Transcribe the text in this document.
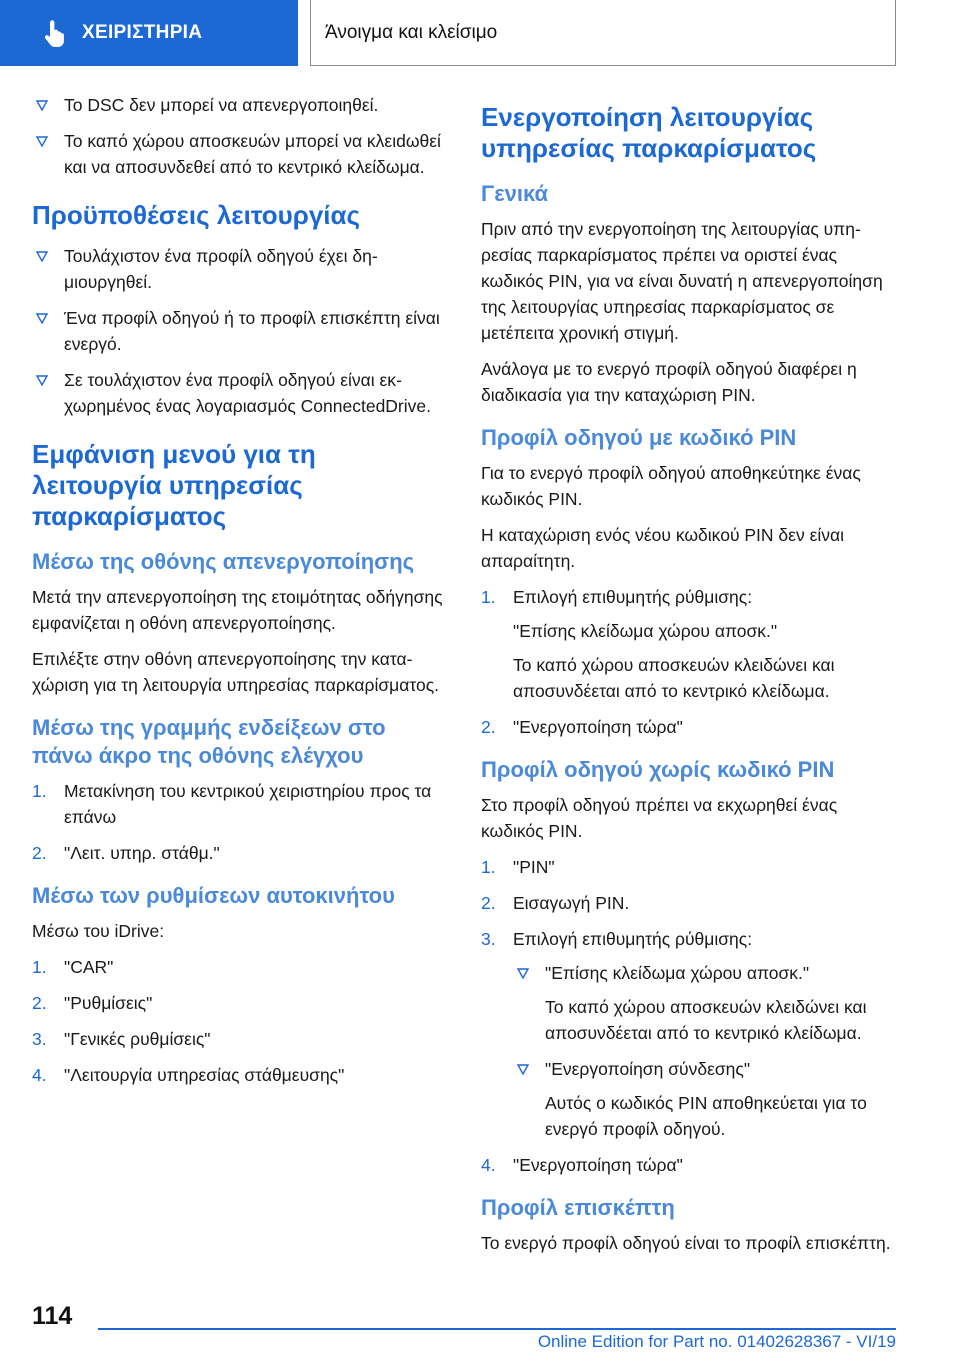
ΧΕΙΡΙΣΤΗΡΙΑ	Άνοιγμα και κλείσιμο
Το DSC δεν μπορεί να απενεργοποιηθεί.
Το καπό χώρου αποσκευών μπορεί να κλειdωθεί και να αποσυνδεθεί από το κεντρικό κλείδωμα.
Προϋποθέσεις λειτουργίας
Τουλάχιστον ένα προφίλ οδηγού έχει δημιουργηθεί.
Ένα προφίλ οδηγού ή το προφίλ επισκέπτη είναι ενεργό.
Σε τουλάχιστον ένα προφίλ οδηγού είναι εκχωρημένος ένας λογαριασμός ConnectedDrive.
Εμφάνιση μενού για τη λειτουργία υπηρεσίας παρκαρίσματος
Μέσω της οθόνης απενεργοποίησης

Μετά την απενεργοποίηση της ετοιμότητας οδήγησης εμφανίζεται η οθόνη απενεργοποίησης.

Επιλέξτε στην οθόνη απενεργοποίησης την καταχώριση για τη λειτουργία υπηρεσίας παρκαρίσματος.

Μέσω της γραμμής ενδείξεων στο πάνω άκρο της οθόνης ελέγχου
1. Μετακίνηση του κεντρικού χειριστηρίου προς τα επάνω
2. "Λειτ. υπηρ. στάθμ."
Μέσω των ρυθμίσεων αυτοκινήτου

Μέσω του iDrive:

1. "CAR"
2. "Ρυθμίσεις"
3. "Γενικές ρυθμίσεις"
4. "Λειτουργία υπηρεσίας στάθμευσης"
Ενεργοποίηση λειτουργίας υπηρεσίας παρκαρίσματος
Γενικά

Πριν από την ενεργοποίηση της λειτουργίας υπηρεσίας παρκαρίσματος πρέπει να οριστεί ένας κωδικός PIN, για να είναι δυνατή η απενεργοποίηση της λειτουργίας υπηρεσίας παρκαρίσματος σε μετέπειτα χρονική στιγμή.

Ανάλογα με το ενεργό προφίλ οδηγού διαφέρει η διαδικασία για την καταχώριση PIN.

Προφίλ οδηγού με κωδικό PIN

Για το ενεργό προφίλ οδηγού αποθηκεύτηκε ένας κωδικός PIN.

Η καταχώριση ενός νέου κωδικού PIN δεν είναι απαραίτητη.

1. Επιλογή επιθυμητής ρύθμισης:

"Επίσης κλείδωμα χώρου αποσκ."

Το καπό χώρου αποσκευών κλειδώνει και αποσυνδέεται από το κεντρικό κλείδωμα.

2. "Ενεργοποίηση τώρα"
Προφίλ οδηγού χωρίς κωδικό PIN

Στο προφίλ οδηγού πρέπει να εκχωρηθεί ένας κωδικός PIN.

1. "PIN"
2. Εισαγωγή PIN.
3. Επιλογή επιθυμητής ρύθμισης:
"Επίσης κλείδωμα χώρου αποσκ."

Το καπό χώρου αποσκευών κλειδώνει και αποσυνδέεται από το κεντρικό κλείδωμα.

"Ενεργοποίηση σύνδεσης"

Αυτός ο κωδικός PIN αποθηκεύεται για το ενεργό προφίλ οδηγού.

4. "Ενεργοποίηση τώρα"
Προφίλ επισκέπτη

Το ενεργό προφίλ οδηγού είναι το προφίλ επισκέπτη.

114
Online Edition for Part no. 01402628367 - VI/19
